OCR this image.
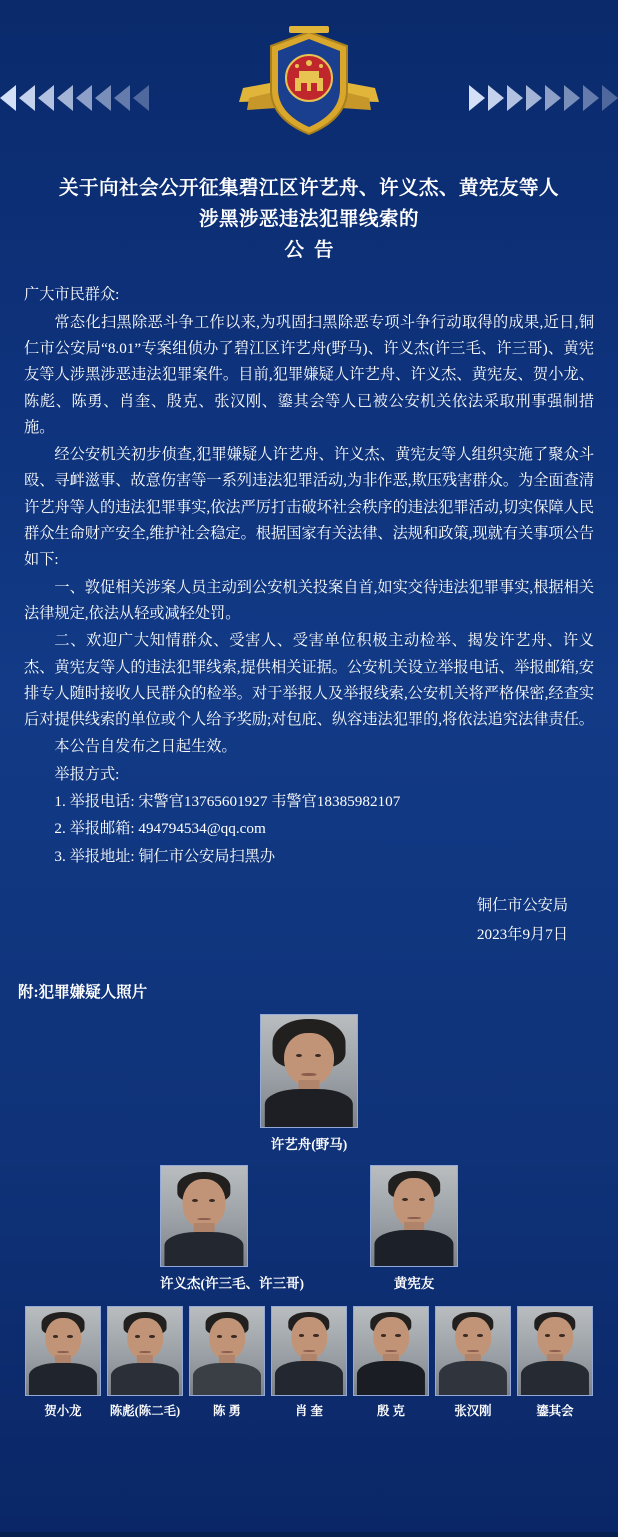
关于向社会公开征集碧江区许艺舟、许义杰、黄宪友等人
涉黑涉恶违法犯罪线索的
公告

广大市民群众:

常态化扫黑除恶斗争工作以来,为巩固扫黑除恶专项斗争行动取得的成果,近日,铜仁市公安局“8.01”专案组侦办了碧江区许艺舟(野马)、许义杰(许三毛、许三哥)、黄宪友等人涉黑涉恶违法犯罪案件。目前,犯罪嫌疑人许艺舟、许义杰、黄宪友、贺小龙、陈彪、陈勇、肖奎、殷克、张汉刚、鎏其会等人已被公安机关依法采取刑事强制措施。

经公安机关初步侦查,犯罪嫌疑人许艺舟、许义杰、黄宪友等人组织实施了聚众斗殴、寻衅滋事、故意伤害等一系列违法犯罪活动,为非作恶,欺压残害群众。为全面查清许艺舟等人的违法犯罪事实,依法严厉打击破坏社会秩序的违法犯罪活动,切实保障人民群众生命财产安全,维护社会稳定。根据国家有关法律、法规和政策,现就有关事项公告如下:

一、敦促相关涉案人员主动到公安机关投案自首,如实交待违法犯罪事实,根据相关法律规定,依法从轻或减轻处罚。

二、欢迎广大知情群众、受害人、受害单位积极主动检举、揭发许艺舟、许义杰、黄宪友等人的违法犯罪线索,提供相关证据。公安机关设立举报电话、举报邮箱,安排专人随时接收人民群众的检举。对于举报人及举报线索,公安机关将严格保密,经查实后对提供线索的单位或个人给予奖励;对包庇、纵容违法犯罪的,将依法追究法律责任。

本公告自发布之日起生效。

举报方式:

1. 举报电话: 宋警官13765601927 韦警官18385982107

2. 举报邮箱: 494794534@qq.com

3. 举报地址: 铜仁市公安局扫黑办

铜仁市公安局
2023年9月7日
附:犯罪嫌疑人照片
许艺舟(野马)
许义杰(许三毛、许三哥)	黄宪友
贺小龙	陈彪(陈二毛)	陈 勇	肖 奎	殷 克	张汉刚	鎏其会
